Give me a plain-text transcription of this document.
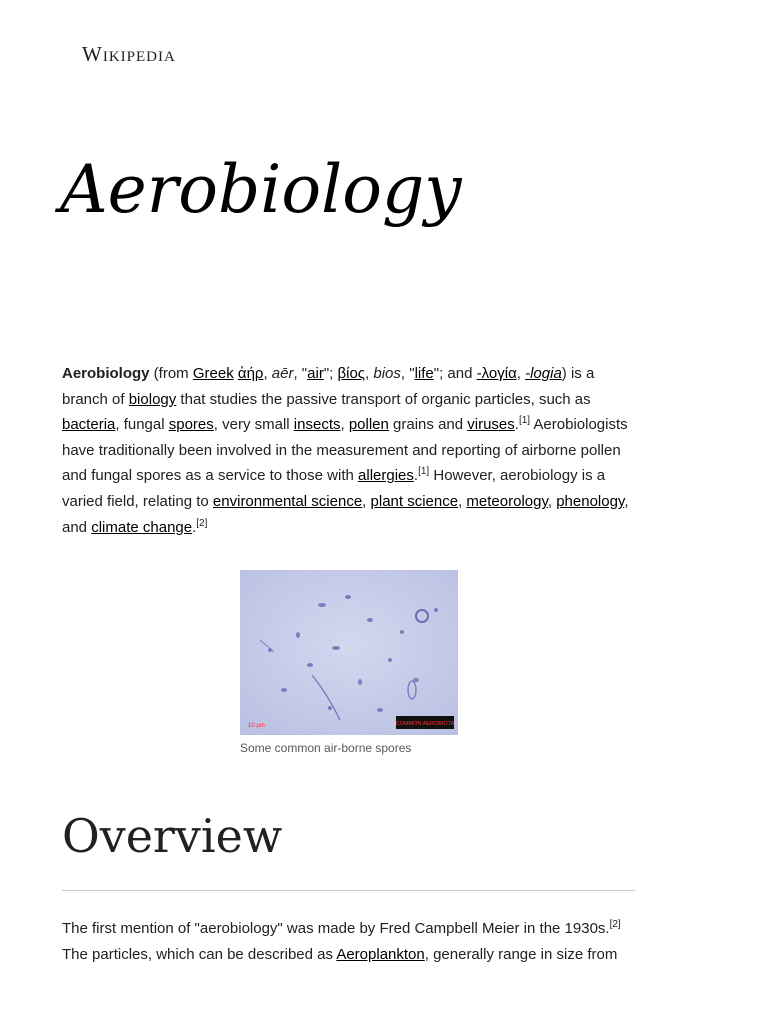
Wikipedia
Aerobiology

Aerobiology (from Greek ἀήρ, aēr, "air"; βίος, bios, "life"; and -λογία, -logia) is a branch of biology that studies the passive transport of organic particles, such as bacteria, fungal spores, very small insects, pollen grains and viruses.[1] Aerobiologists have traditionally been involved in the measurement and reporting of airborne pollen and fungal spores as a service to those with allergies.[1] However, aerobiology is a varied field, relating to environmental science, plant science, meteorology, phenology, and climate change.[2]

COMMON AEROBIOTA
10 µm
Some common air-borne spores
Overview

The first mention of "aerobiology" was made by Fred Campbell Meier in the 1930s.[2] The particles, which can be described as Aeroplankton, generally range in size from
